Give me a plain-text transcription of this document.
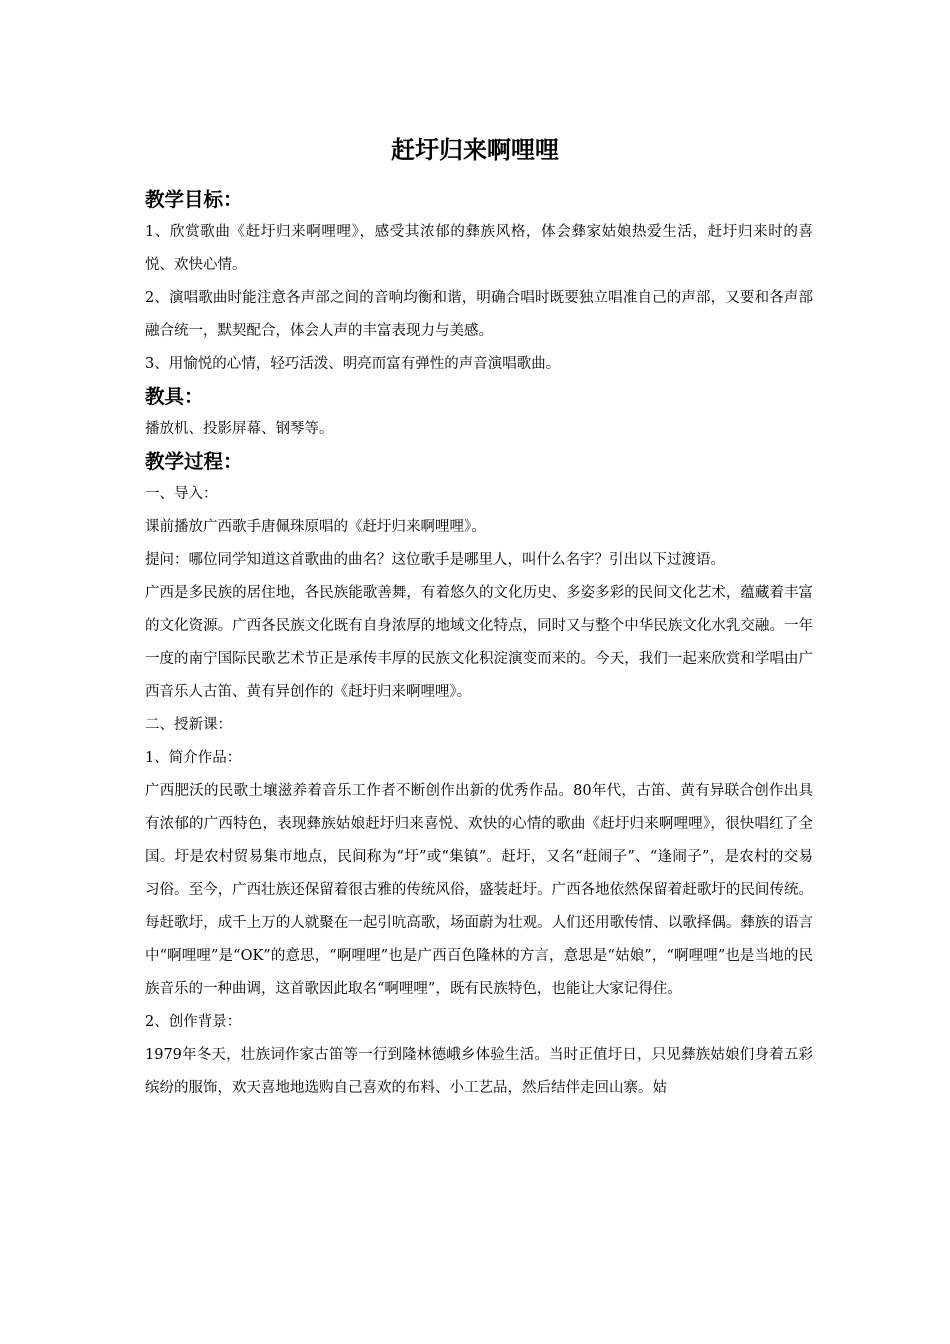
赶圩归来啊哩哩
教学目标：

1、欣赏歌曲《赶圩归来啊哩哩》，感受其浓郁的彝族风格，体会彝家姑娘热爱生活，赶圩归来时的喜悦、欢快心情。

2、演唱歌曲时能注意各声部之间的音响均衡和谐，明确合唱时既要独立唱准自己的声部，又要和各声部融合统一，默契配合，体会人声的丰富表现力与美感。

3、用愉悦的心情，轻巧活泼、明亮而富有弹性的声音演唱歌曲。

教具：

播放机、投影屏幕、钢琴等。

教学过程：

一、导入：

课前播放广西歌手唐佩珠原唱的《赶圩归来啊哩哩》。

提问：哪位同学知道这首歌曲的曲名？这位歌手是哪里人，叫什么名字？引出以下过渡语。

广西是多民族的居住地，各民族能歌善舞，有着悠久的文化历史、多姿多彩的民间文化艺术，蕴藏着丰富的文化资源。广西各民族文化既有自身浓厚的地域文化特点，同时又与整个中华民族文化水乳交融。一年一度的南宁国际民歌艺术节正是承传丰厚的民族文化积淀演变而来的。今天，我们一起来欣赏和学唱由广西音乐人古笛、黄有异创作的《赶圩归来啊哩哩》。

二、授新课：

1、简介作品：

广西肥沃的民歌土壤滋养着音乐工作者不断创作出新的优秀作品。80年代，古笛、黄有异联合创作出具有浓郁的广西特色，表现彝族姑娘赶圩归来喜悦、欢快的心情的歌曲《赶圩归来啊哩哩》，很快唱红了全国。圩是农村贸易集市地点，民间称为“圩”或“集镇”。赶圩，又名“赶闹子”、“逢闹子”，是农村的交易习俗。至今，广西壮族还保留着很古雅的传统风俗，盛装赶圩。广西各地依然保留着赶歌圩的民间传统。每赶歌圩，成千上万的人就聚在一起引吭高歌，场面蔚为壮观。人们还用歌传情、以歌择偶。彝族的语言中“啊哩哩”是“OK”的意思，“啊哩哩”也是广西百色隆林的方言，意思是“姑娘”，“啊哩哩”也是当地的民族音乐的一种曲调，这首歌因此取名“啊哩哩”，既有民族特色，也能让大家记得住。

2、创作背景：

1979年冬天，壮族词作家古笛等一行到隆林德峨乡体验生活。当时正值圩日，只见彝族姑娘们身着五彩缤纷的服饰，欢天喜地地选购自己喜欢的布料、小工艺品，然后结伴走回山寨。姑
